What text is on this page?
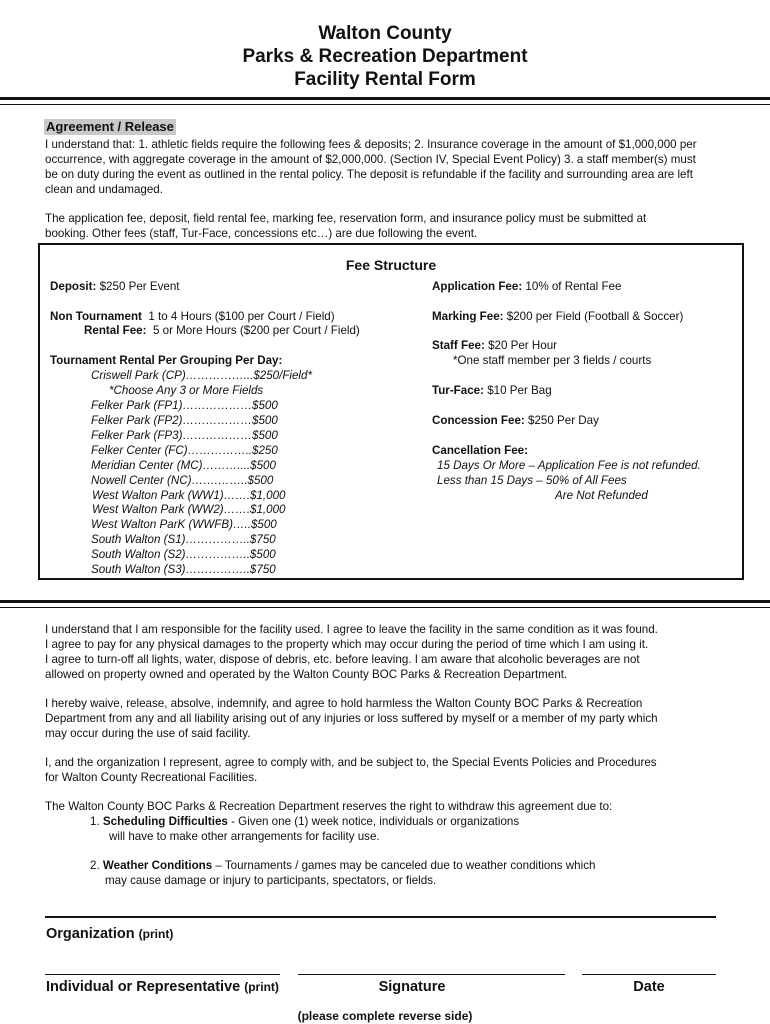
Walton County
Parks & Recreation Department
Facility Rental Form
Agreement / Release
I understand that: 1. athletic fields require the following fees & deposits; 2. Insurance coverage in the amount of $1,000,000 per
occurrence, with aggregate coverage in the amount of $2,000,000. (Section IV, Special Event Policy) 3. a staff member(s) must
be on duty during the event as outlined in the rental policy. The deposit is refundable if the facility and surrounding area are left
clean and undamaged.
The application fee, deposit, field rental fee, marking fee, reservation form, and insurance policy must be submitted at
booking. Other fees (staff, Tur-Face, concessions etc…) are due following the event.
Fee Structure
Deposit: $250 Per Event
Non Tournament 1 to 4 Hours ($100 per Court / Field)
Rental Fee: 5 or More Hours ($200 per Court / Field)
Tournament Rental Per Grouping Per Day:
Criswell Park (CP)……………...$250/Field*
*Choose Any 3 or More Fields
Felker Park (FP1)………………$500
Felker Park (FP2)………………$500
Felker Park (FP3)………………$500
Felker Center (FC)……………..$250
Meridian Center (MC)………....$500
Nowell Center (NC)…….……..$500
West Walton Park (WW1)…….$1,000
West Walton Park (WW2)…….$1,000
West Walton ParK (WWFB)…..$500
South Walton (S1)……………..$750
South Walton (S2)……………..$500
South Walton (S3)……………..$750
Application Fee: 10% of Rental Fee
Marking Fee: $200 per Field (Football & Soccer)
Staff Fee: $20 Per Hour
*One staff member per 3 fields / courts
Tur-Face: $10 Per Bag
Concession Fee: $250 Per Day
Cancellation Fee:
15 Days Or More – Application Fee is not refunded.
Less than 15 Days – 50% of All Fees
Are Not Refunded
I understand that I am responsible for the facility used. I agree to leave the facility in the same condition as it was found.
I agree to pay for any physical damages to the property which may occur during the period of time which I am using it.
I agree to turn-off all lights, water, dispose of debris, etc. before leaving. I am aware that alcoholic beverages are not
allowed on property owned and operated by the Walton County BOC Parks & Recreation Department.
I hereby waive, release, absolve, indemnify, and agree to hold harmless the Walton County BOC Parks & Recreation
Department from any and all liability arising out of any injuries or loss suffered by myself or a member of my party which
may occur during the use of said facility.
I, and the organization I represent, agree to comply with, and be subject to, the Special Events Policies and Procedures
for Walton County Recreational Facilities.
The Walton County BOC Parks & Recreation Department reserves the right to withdraw this agreement due to:
1. Scheduling Difficulties - Given one (1) week notice, individuals or organizations
will have to make other arrangements for facility use.
2. Weather Conditions – Tournaments / games may be canceled due to weather conditions which
may cause damage or injury to participants, spectators, or fields.
Organization (print)
Individual or Representative (print)	Signature	Date
(please complete reverse side)
